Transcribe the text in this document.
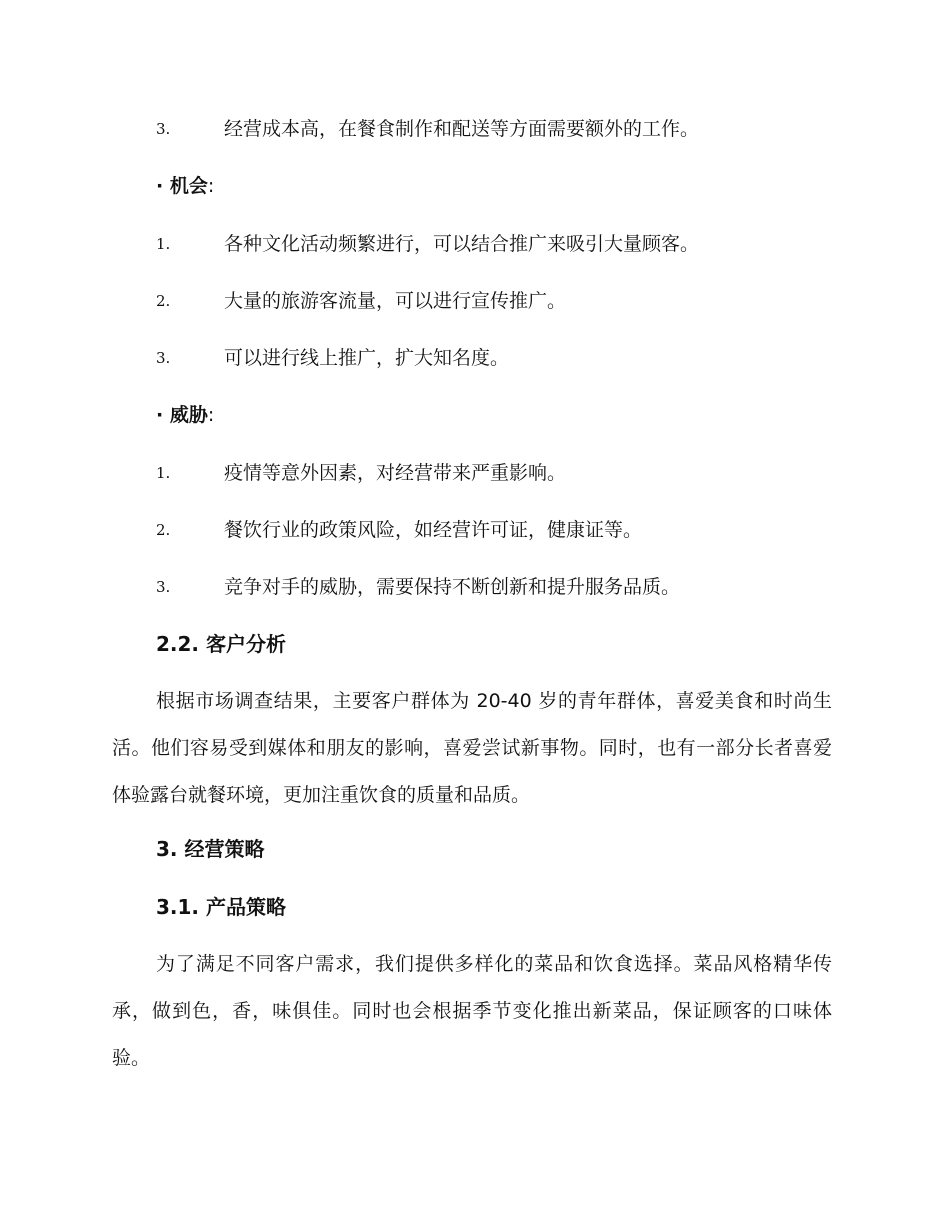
3.	经营成本高，在餐食制作和配送等方面需要额外的工作。
· 机会:
1.	各种文化活动频繁进行，可以结合推广来吸引大量顾客。
2.	大量的旅游客流量，可以进行宣传推广。
3.	可以进行线上推广，扩大知名度。
· 威胁:
1.	疫情等意外因素，对经营带来严重影响。
2.	餐饮行业的政策风险，如经营许可证，健康证等。
3.	竞争对手的威胁，需要保持不断创新和提升服务品质。
2.2. 客户分析

根据市场调查结果，主要客户群体为 20-40 岁的青年群体，喜爱美食和时尚生活。他们容易受到媒体和朋友的影响，喜爱尝试新事物。同时，也有一部分长者喜爱体验露台就餐环境，更加注重饮食的质量和品质。

3. 经营策略
3.1. 产品策略

为了满足不同客户需求，我们提供多样化的菜品和饮食选择。菜品风格精华传承，做到色，香，味俱佳。同时也会根据季节变化推出新菜品，保证顾客的口味体验。
